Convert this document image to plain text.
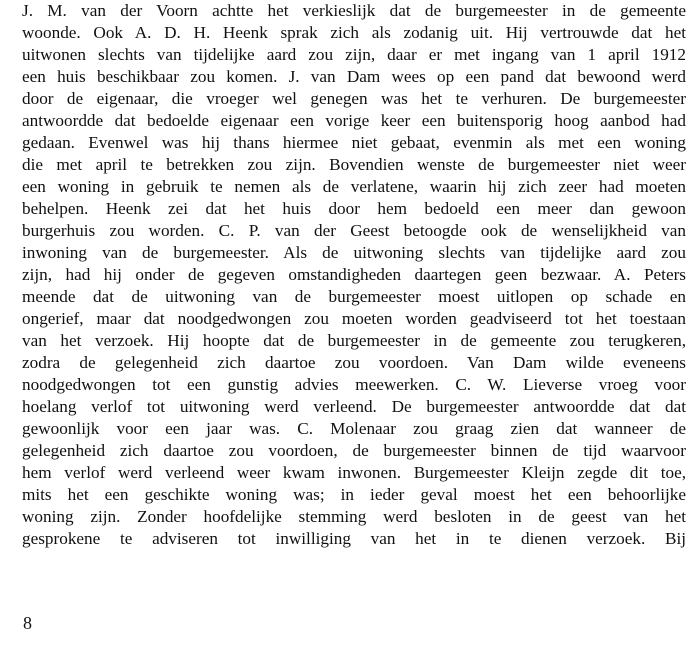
J. M. van der Voorn achtte het verkieslijk dat de burgemeester in de gemeente
woonde. Ook A. D. H. Heenk sprak zich als zodanig uit. Hij vertrouwde dat het
uitwonen slechts van tijdelijke aard zou zijn, daar er met ingang van 1 april 1912
een huis beschikbaar zou komen. J. van Dam wees op een pand dat bewoond werd
door de eigenaar, die vroeger wel genegen was het te verhuren. De burgemeester
antwoordde dat bedoelde eigenaar een vorige keer een buitensporig hoog aanbod had
gedaan. Evenwel was hij thans hiermee niet gebaat, evenmin als met een woning
die met april te betrekken zou zijn. Bovendien wenste de burgemeester niet weer
een woning in gebruik te nemen als de verlatene, waarin hij zich zeer had moeten
behelpen. Heenk zei dat het huis door hem bedoeld een meer dan gewoon
burgerhuis zou worden. C. P. van der Geest betoogde ook de wenselijkheid van
inwoning van de burgemeester. Als de uitwoning slechts van tijdelijke aard zou
zijn, had hij onder de gegeven omstandigheden daartegen geen bezwaar. A. Peters
meende dat de uitwoning van de burgemeester moest uitlopen op schade en
ongerief, maar dat noodgedwongen zou moeten worden geadviseerd tot het toestaan
van het verzoek. Hij hoopte dat de burgemeester in de gemeente zou terugkeren,
zodra de gelegenheid zich daartoe zou voordoen. Van Dam wilde eveneens
noodgedwongen tot een gunstig advies meewerken. C. W. Lieverse vroeg voor
hoelang verlof tot uitwoning werd verleend. De burgemeester antwoordde dat dat
gewoonlijk voor een jaar was. C. Molenaar zou graag zien dat wanneer de
gelegenheid zich daartoe zou voordoen, de burgemeester binnen de tijd waarvoor
hem verlof werd verleend weer kwam inwonen. Burgemeester Kleijn zegde dit toe,
mits het een geschikte woning was; in ieder geval moest het een behoorlijke
woning zijn. Zonder hoofdelijke stemming werd besloten in de geest van het
gesprokene te adviseren tot inwilliging van het in te dienen verzoek. Bij
8
